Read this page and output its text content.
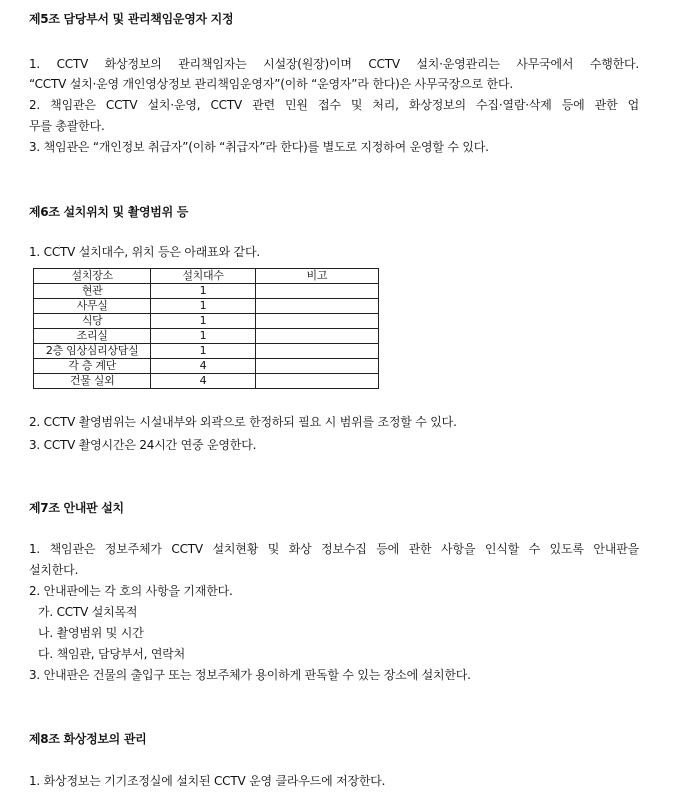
제5조 담당부서 및 관리책임운영자 지정
1. CCTV 화상정보의 관리책임자는 시설장(원장)이며 CCTV 설치·운영관리는 사무국에서 수행한다.
“CCTV 설치·운영 개인영상정보 관리책임운영자”(이하 “운영자”라 한다)은 사무국장으로 한다.
2. 책임관은 CCTV 설치·운영, CCTV 관련 민원 접수 및 처리, 화상정보의 수집·열람·삭제 등에 관한 업
무를 총괄한다.
3. 책임관은 “개인정보 취급자”(이하 “취급자”라 한다)를 별도로 지정하여 운영할 수 있다.
제6조 설치위치 및 촬영범위 등
1. CCTV 설치대수, 위치 등은 아래표와 같다.
설치장소	설치대수	비고
현관	1	
사무실	1	
식당	1	
조리실	1	
2층 임상심리상담실	1	
각 층 계단	4	
건물 실외	4	
2. CCTV 촬영범위는 시설내부와 외곽으로 한정하되 필요 시 범위를 조정할 수 있다.
3. CCTV 촬영시간은 24시간 연중 운영한다.
제7조 안내판 설치
1. 책임관은 정보주체가 CCTV 설치현황 및 화상 정보수집 등에 관한 사항을 인식할 수 있도록 안내판을
설치한다.
2. 안내판에는 각 호의 사항을 기재한다.
가. CCTV 설치목적
나. 촬영범위 및 시간
다. 책임관, 담당부서, 연락처
3. 안내판은 건물의 출입구 또는 정보주체가 용이하게 판독할 수 있는 장소에 설치한다.
제8조 화상정보의 관리
1. 화상정보는 기기조정실에 설치된 CCTV 운영 클라우드에 저장한다.
